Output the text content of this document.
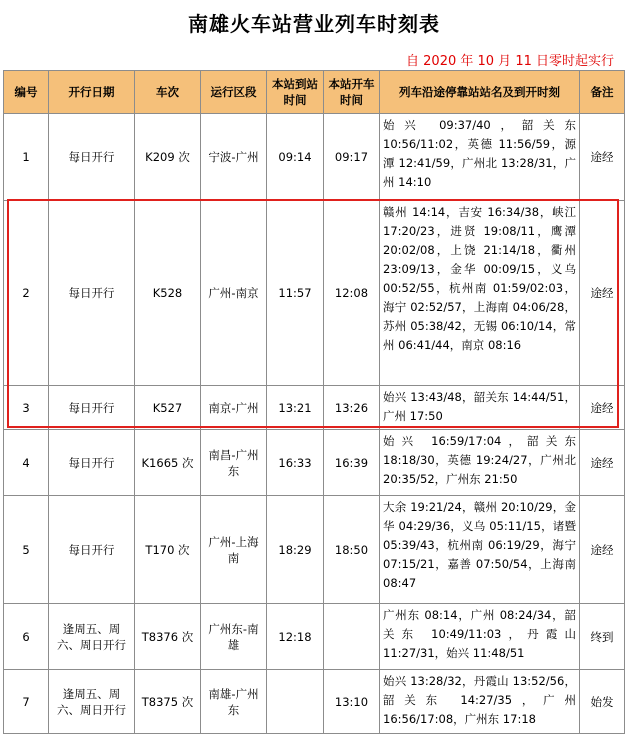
南雄火车站营业列车时刻表
自 2020 年 10 月 11 日零时起实行
编号	开行日期	车次	运行区段	本站到站时间	本站开车时间	列车沿途停靠站站名及到开时刻	备注
1	每日开行	K209 次	宁波-广州	09:14	09:17	始兴 09:37/40，韶关东 10:56/11:02，英德 11:56/59，源潭 12:41/59，广州北 13:28/31，广州 14:10	途经
2	每日开行	K528	广州-南京	11:57	12:08	赣州 14:14，吉安 16:34/38，峡江 17:20/23，进贤 19:08/11，鹰潭 20:02/08，上饶 21:14/18，衢州 23:09/13，金华 00:09/15，义乌 00:52/55，杭州南 01:59/02:03，海宁 02:52/57，上海南 04:06/28，苏州 05:38/42，无锡 06:10/14，常州 06:41/44，南京 08:16	途经
3	每日开行	K527	南京-广州	13:21	13:26	始兴 13:43/48，韶关东 14:44/51，广州 17:50	途经
4	每日开行	K1665 次	南昌-广州东	16:33	16:39	始兴 16:59/17:04，韶关东 18:18/30，英德 19:24/27，广州北 20:35/52，广州东 21:50	途经
5	每日开行	T170 次	广州-上海南	18:29	18:50	大余 19:21/24，赣州 20:10/29，金华 04:29/36，义乌 05:11/15，诸暨 05:39/43，杭州南 06:19/29，海宁 07:15/21，嘉善 07:50/54，上海南 08:47	途经
6	逢周五、周六、周日开行	T8376 次	广州东-南雄	12:18		广州东 08:14，广州 08:24/34，韶关东 10:49/11:03，丹霞山 11:27/31，始兴 11:48/51	终到
7	逢周五、周六、周日开行	T8375 次	南雄-广州东		13:10	始兴 13:28/32，丹霞山 13:52/56，韶关东 14:27/35，广州 16:56/17:08，广州东 17:18	始发
